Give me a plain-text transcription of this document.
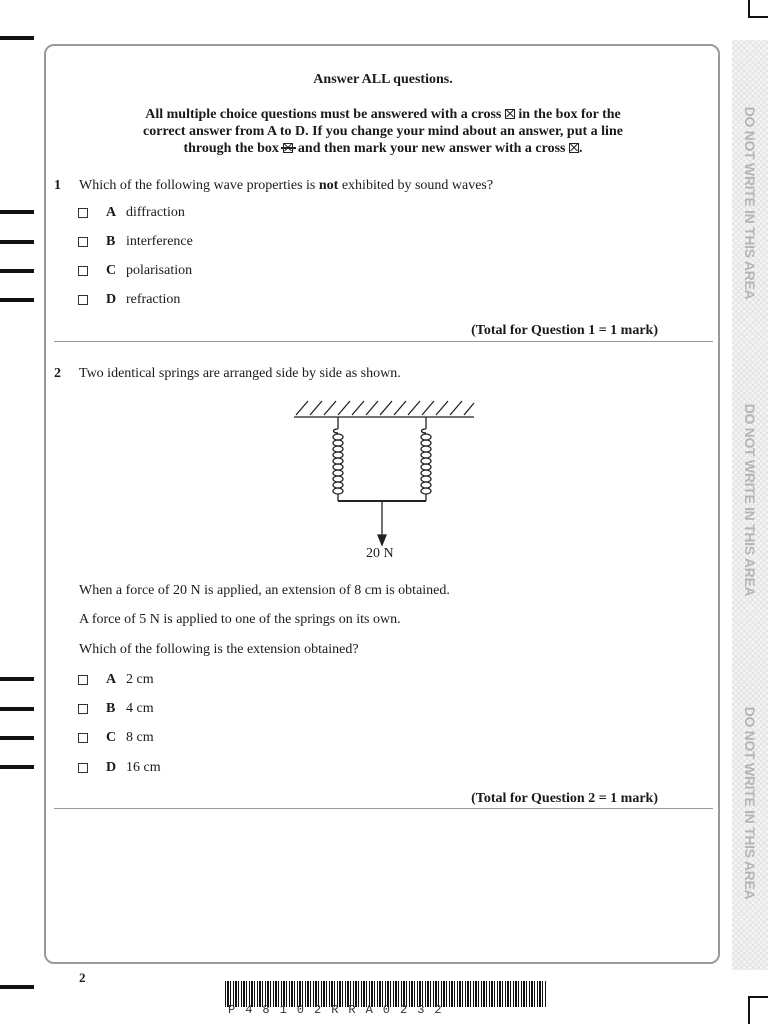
DO NOT WRITE IN THIS AREA
DO NOT WRITE IN THIS AREA
DO NOT WRITE IN THIS AREA
Answer ALL questions.
All multiple choice questions must be answered with a cross ☒ in the box for the
correct answer from A to D. If you change your mind about an answer, put a line
through the box and then mark your new answer with a cross ☒.
1 Which of the following wave properties is not exhibited by sound waves?
A diffraction
B interference
C polarisation
D refraction
(Total for Question 1 = 1 mark)
2 Two identical springs are arranged side by side as shown.
20 N
When a force of 20 N is applied, an extension of 8 cm is obtained.
A force of 5 N is applied to one of the springs on its own.
Which of the following is the extension obtained?
A 2 cm
B 4 cm
C 8 cm
D 16 cm
(Total for Question 2 = 1 mark)
2
P48102RRA0232
